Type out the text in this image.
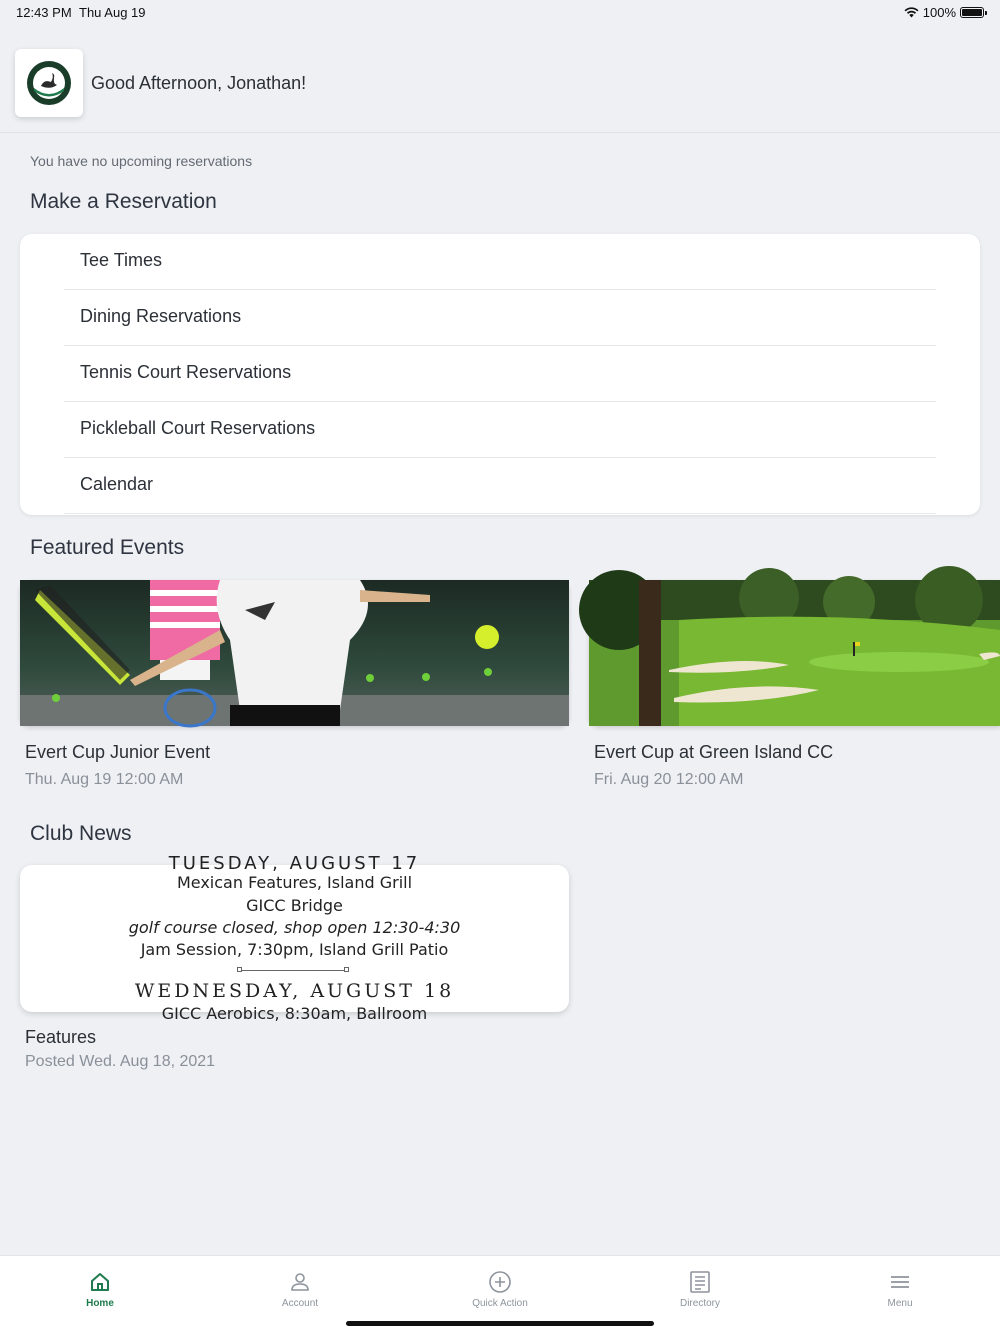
12:43 PM Thu Aug 19	100%
Good Afternoon, Jonathan!
You have no upcoming reservations
Make a Reservation
Tee Times
Dining Reservations
Tennis Court Reservations
Pickleball Court Reservations
Calendar
Featured Events
Evert Cup Junior Event
Thu. Aug 19 12:00 AM
Evert Cup at Green Island CC
Fri. Aug 20 12:00 AM
Club News
TUESDAY, AUGUST 17
Mexican Features, Island Grill
GICC Bridge
golf course closed, shop open 12:30-4:30
Jam Session, 7:30pm, Island Grill Patio
WEDNESDAY, AUGUST 18
GICC Aerobics, 8:30am, Ballroom
Features
Posted Wed. Aug 18, 2021
Home	Account	Quick Action	Directory	Menu
